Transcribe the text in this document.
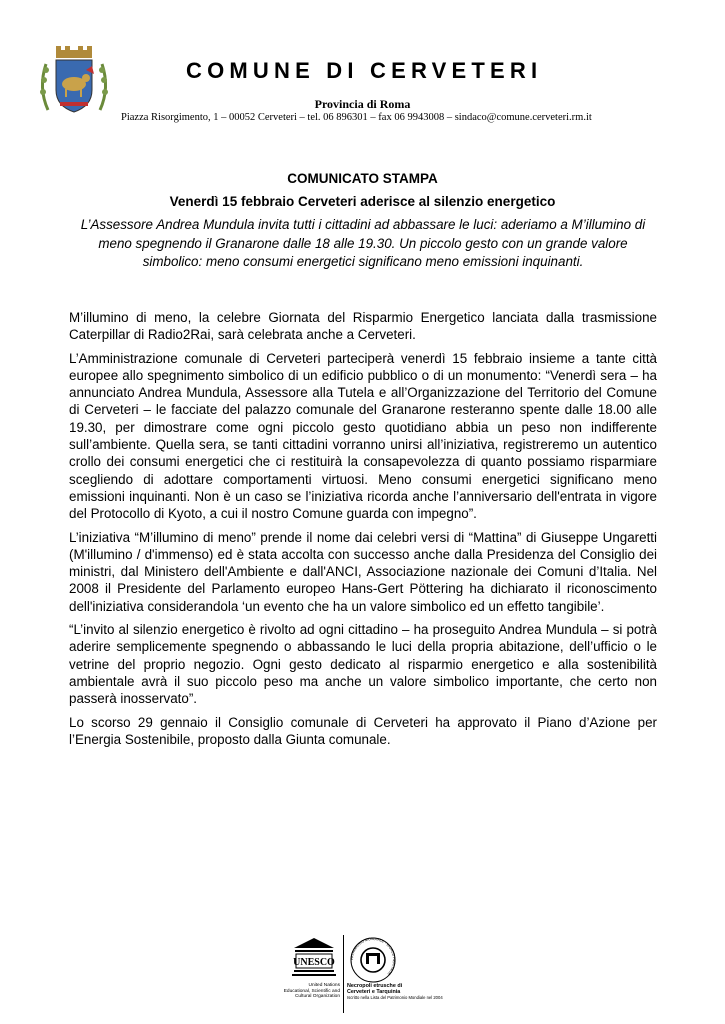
COMUNE DI CERVETERI
Provincia di Roma
Piazza Risorgimento, 1 – 00052 Cerveteri – tel. 06 896301 – fax 06 9943008 – sindaco@comune.cerveteri.rm.it
COMUNICATO STAMPA
Venerdì 15 febbraio Cerveteri aderisce al silenzio energetico
L’Assessore Andrea Mundula invita tutti i cittadini ad abbassare le luci: aderiamo a M’illumino di meno spegnendo il Granarone dalle 18 alle 19.30. Un piccolo gesto con un grande valore simbolico: meno consumi energetici significano meno emissioni inquinanti.

M’illumino di meno, la celebre Giornata del Risparmio Energetico lanciata dalla trasmissione Caterpillar di Radio2Rai, sarà celebrata anche a Cerveteri.

L’Amministrazione comunale di Cerveteri parteciperà venerdì 15 febbraio insieme a tante città europee allo spegnimento simbolico di un edificio pubblico o di un monumento: “Venerdì sera – ha annunciato Andrea Mundula, Assessore alla Tutela e all’Organizzazione del Territorio del Comune di Cerveteri – le facciate del palazzo comunale del Granarone resteranno spente dalle 18.00 alle 19.30, per dimostrare come ogni piccolo gesto quotidiano abbia un peso non indifferente sull’ambiente. Quella sera, se tanti cittadini vorranno unirsi all’iniziativa, registreremo un autentico crollo dei consumi energetici che ci restituirà la consapevolezza di quanto possiamo risparmiare scegliendo di adottare comportamenti virtuosi. Meno consumi energetici significano meno emissioni inquinanti. Non è un caso se l’iniziativa ricorda anche l’anniversario dell'entrata in vigore del Protocollo di Kyoto, a cui il nostro Comune guarda con impegno”.

L’iniziativa “M’illumino di meno” prende il nome dai celebri versi di “Mattina” di Giuseppe Ungaretti (M'illumino / d'immenso) ed è stata accolta con successo anche dalla Presidenza del Consiglio dei ministri, dal Ministero dell'Ambiente e dall'ANCI, Associazione nazionale dei Comuni d’Italia. Nel 2008 il Presidente del Parlamento europeo Hans-Gert Pöttering ha dichiarato il riconoscimento dell'iniziativa considerandola ‘un evento che ha un valore simbolico ed un effetto tangibile’.

“L’invito al silenzio energetico è rivolto ad ogni cittadino – ha proseguito Andrea Mundula – si potrà aderire semplicemente spegnendo o abbassando le luci della propria abitazione, dell’ufficio o le vetrine del proprio negozio. Ogni gesto dedicato al risparmio energetico e alla sostenibilità ambientale avrà il suo piccolo peso ma anche un valore simbolico importante, che certo non passerà inosservato”.

Lo scorso 29 gennaio il Consiglio comunale di Cerveteri ha approvato il Piano d’Azione per l’Energia Sostenibile, proposto dalla Giunta comunale.

UNESCO
United Nations
Educational, Scientific and
Cultural Organization
PATRIMONIO MONDIALE · WORLD HERITAGE
Necropoli etrusche di
Cerveteri e Tarquinia
Iscritto nella Lista del Patrimonio Mondiale nel 2004
